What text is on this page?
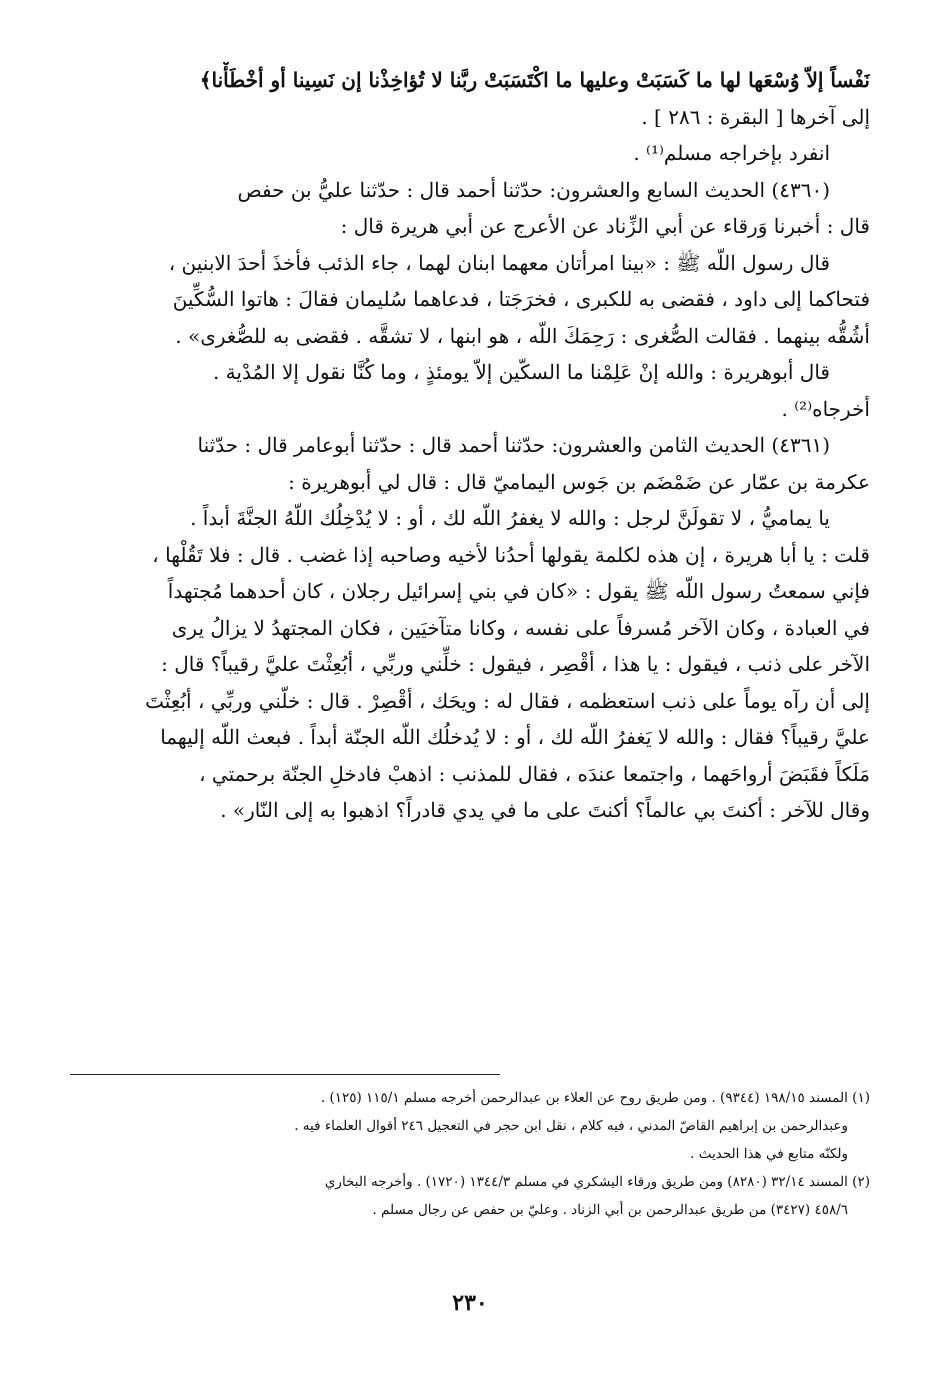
نَفْساً إلاّ وُسْعَها لها ما كَسَبَتْ وعليها ما اكْتَسَبَتْ ربَّنا لا تُؤاخِذْنا إن نَسِينا أو أخْطَأْنا﴾
إلى آخرها [ البقرة : ٢٨٦ ] .
انفرد بإخراجه مسلم⁽¹⁾ .
(٤٣٦٠) الحديث السابع والعشرون: حدّثنا أحمد قال : حدّثنا عليُّ بن حفص
قال : أخبرنا وَرقاء عن أبي الزِّناد عن الأعرج عن أبي هريرة قال :
قال رسول اللّه ﷺ : «بينا امرأتان معهما ابنان لهما ، جاء الذئب فأخذَ أحدَ الابنين ،
فتحاكما إلى داود ، فقضى به للكبرى ، فخرَجَتا ، فدعاهما سُليمان فقالَ : هاتوا السُّكِّينَ
أشُقُّه بينهما . فقالت الصُّغرى : رَحِمَكَ اللّه ، هو ابنها ، لا تشقَّه . فقضى به للصُّغرى» .
قال أبوهريرة : والله إنْ عَلِمْنا ما السكّين إلاّ يومئذٍ ، وما كُنَّا نقول إلا المُدْية .
أخرجاه⁽²⁾ .
(٤٣٦١) الحديث الثامن والعشرون: حدّثنا أحمد قال : حدّثنا أبوعامر قال : حدّثنا
عكرمة بن عمّار عن ضَمْضَم بن جَوس اليماميّ قال : قال لي أبوهريرة :
يا يماميُّ ، لا تقولَنَّ لرجل : والله لا يغفرُ اللّه لك ، أو : لا يُدْخِلُك اللّهُ الجنَّةَ أبداً .
قلت : يا أبا هريرة ، إن هذه لكلمة يقولها أحدُنا لأخيه وصاحبه إذا غضب . قال : فلا تَقُلْها ،
فإني سمعتُ رسول اللّه ﷺ يقول : «كان في بني إسرائيل رجلان ، كان أحدهما مُجتهداً
في العبادة ، وكان الآخر مُسرفاً على نفسه ، وكانا متآخيَين ، فكان المجتهدُ لا يزالُ يرى
الآخر على ذنب ، فيقول : يا هذا ، أقْصِر ، فيقول : خلِّني وربِّي ، أبُعِثْتَ عليَّ رقيباً؟ قال :
إلى أن رآه يوماً على ذنب استعظمه ، فقال له : ويحَك ، أقْصِرْ . قال : خلّني وربِّي ، أبُعِثْتَ
عليَّ رقيباً؟ فقال : والله لا يَغفرُ اللّه لك ، أو : لا يُدخلُك اللّه الجنّة أبداً . فبعث اللّه إليهما
مَلَكاً فقَبَضَ أرواحَهما ، واجتمعا عندَه ، فقال للمذنب : اذهبْ فادخلِ الجنّة برحمتي ،
وقال للآخر : أكنتَ بي عالماً؟ أكنتَ على ما في يدي قادراً؟ اذهبوا به إلى النّار» .
(١) المسند ١٩٨/١٥ (٩٣٤٤) . ومن طريق روح عن العلاء بن عبدالرحمن أخرجه مسلم ١١٥/١ (١٢٥) .
وعبدالرحمن بن إبراهيم القاصّ المدني ، فيه كلام ، نقل ابن حجر في التعجيل ٢٤٦ أقوال العلماء فيه .
ولكنّه متابع في هذا الحديث .
(٢) المسند ٣٢/١٤ (٨٢٨٠) ومن طريق ورقاء اليشكري في مسلم ١٣٤٤/٣ (١٧٢٠) . وأخرجه البخاري
٤٥٨/٦ (٣٤٢٧) من طريق عبدالرحمن بن أبي الزناد . وعليّ بن حفص عن رجال مسلم .
٢٣٠
